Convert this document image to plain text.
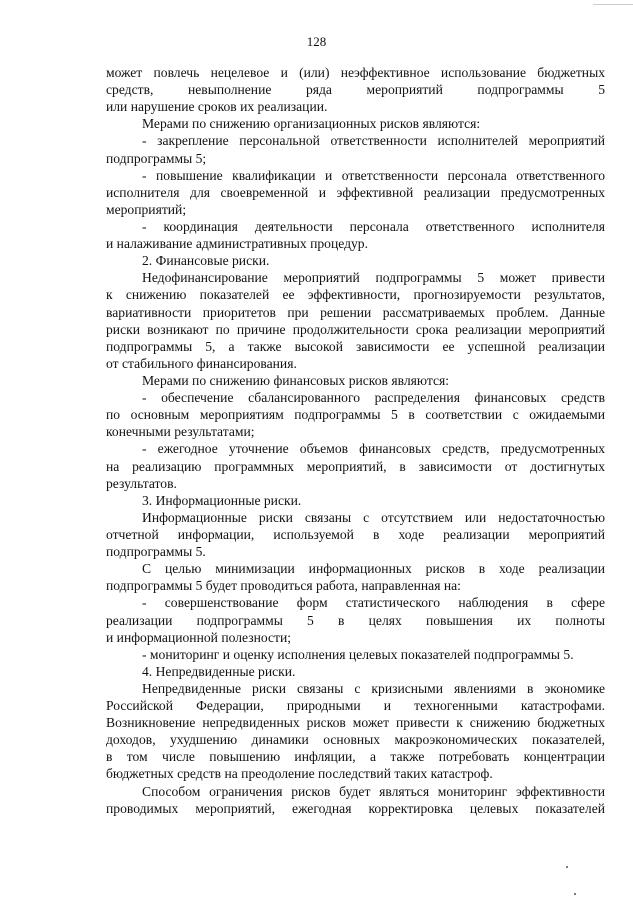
128
может повлечь нецелевое и (или) неэффективное использование бюджетных
средств, невыполнение ряда мероприятий подпрограммы 5
или нарушение сроков их реализации.
Мерами по снижению организационных рисков являются:
- закрепление персональной ответственности исполнителей мероприятий
подпрограммы 5;
- повышение квалификации и ответственности персонала ответственного
исполнителя для своевременной и эффективной реализации предусмотренных
мероприятий;
- координация деятельности персонала ответственного исполнителя
и налаживание административных процедур.
2. Финансовые риски.
Недофинансирование мероприятий подпрограммы 5 может привести
к снижению показателей ее эффективности, прогнозируемости результатов,
вариативности приоритетов при решении рассматриваемых проблем. Данные
риски возникают по причине продолжительности срока реализации мероприятий
подпрограммы 5, а также высокой зависимости ее успешной реализации
от стабильного финансирования.
Мерами по снижению финансовых рисков являются:
- обеспечение сбалансированного распределения финансовых средств
по основным мероприятиям подпрограммы 5 в соответствии с ожидаемыми
конечными результатами;
- ежегодное уточнение объемов финансовых средств, предусмотренных
на реализацию программных мероприятий, в зависимости от достигнутых
результатов.
3. Информационные риски.
Информационные риски связаны с отсутствием или недостаточностью
отчетной информации, используемой в ходе реализации мероприятий
подпрограммы 5.
С целью минимизации информационных рисков в ходе реализации
подпрограммы 5 будет проводиться работа, направленная на:
- совершенствование форм статистического наблюдения в сфере
реализации подпрограммы 5 в целях повышения их полноты
и информационной полезности;
- мониторинг и оценку исполнения целевых показателей подпрограммы 5.
4. Непредвиденные риски.
Непредвиденные риски связаны с кризисными явлениями в экономике
Российской Федерации, природными и техногенными катастрофами.
Возникновение непредвиденных рисков может привести к снижению бюджетных
доходов, ухудшению динамики основных макроэкономических показателей,
в том числе повышению инфляции, а также потребовать концентрации
бюджетных средств на преодоление последствий таких катастроф.
Способом ограничения рисков будет являться мониторинг эффективности
проводимых мероприятий, ежегодная корректировка целевых показателей
